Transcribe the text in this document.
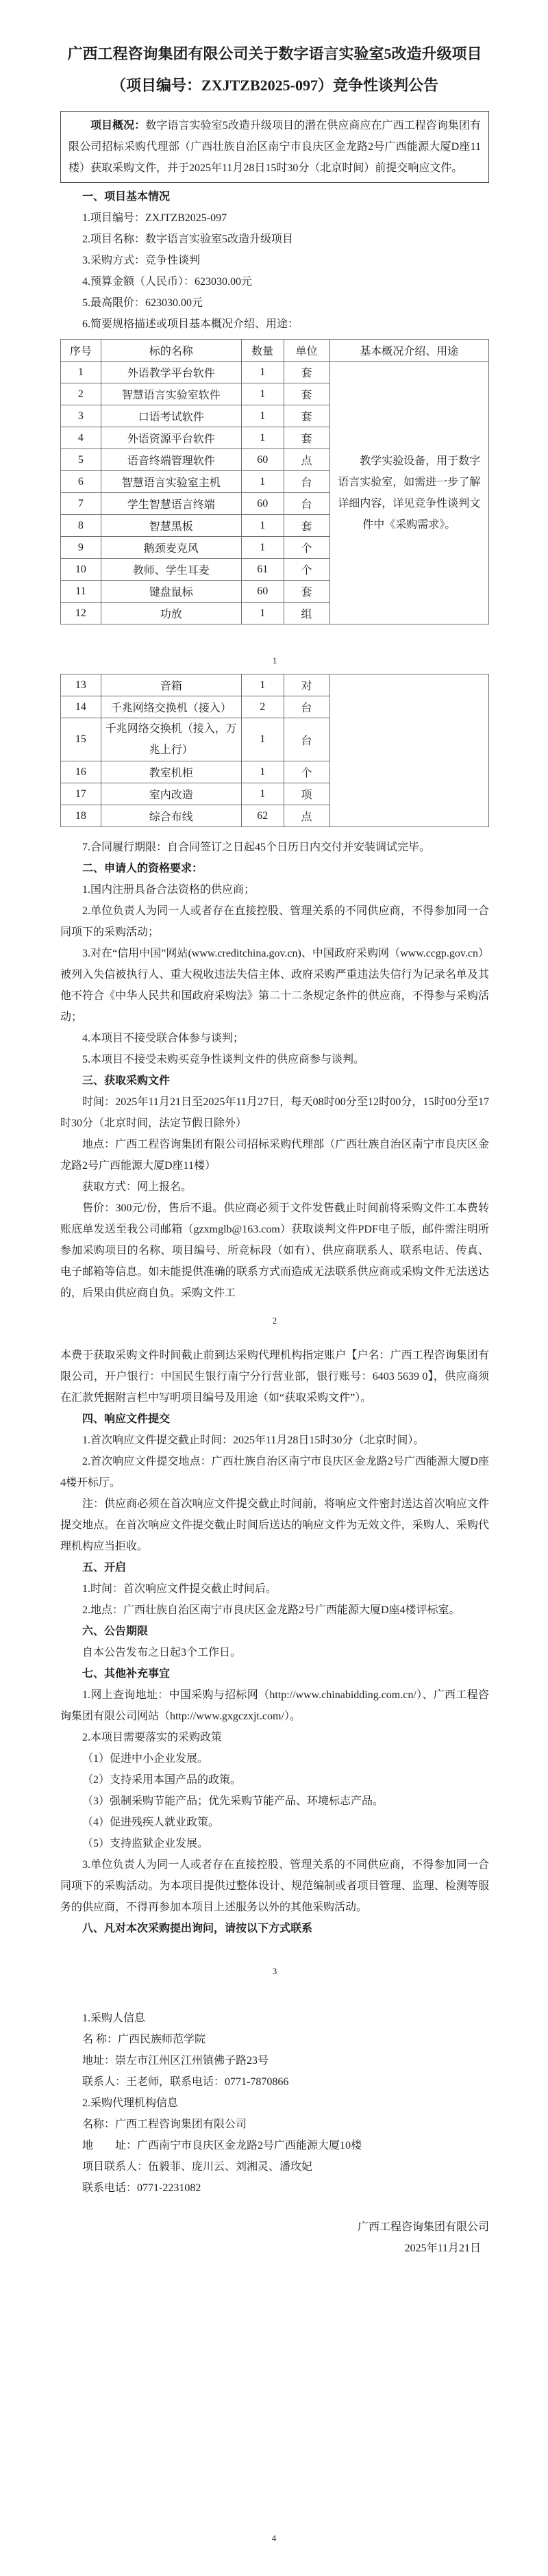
广西工程咨询集团有限公司关于数字语言实验室5改造升级项目
（项目编号：ZXJTZB2025-097）竞争性谈判公告

项目概况：数字语言实验室5改造升级项目的潜在供应商应在广西工程咨询集团有限公司招标采购代理部（广西壮族自治区南宁市良庆区金龙路2号广西能源大厦D座11楼）获取采购文件，并于2025年11月28日15时30分（北京时间）前提交响应文件。

一、项目基本情况

1.项目编号：ZXJTZB2025-097

2.项目名称：数字语言实验室5改造升级项目

3.采购方式：竞争性谈判

4.预算金额（人民币）：623030.00元

5.最高限价：623030.00元

6.简要规格描述或项目基本概况介绍、用途：

序号	标的名称	数量	单位	基本概况介绍、用途
1	外语教学平台软件	1	套	教学实验设备，用于数字语言实验室，如需进一步了解详细内容，详见竞争性谈判文件中《采购需求》。
2	智慧语言实验室软件	1	套	
3	口语考试软件	1	套	
4	外语资源平台软件	1	套	
5	语音终端管理软件	60	点	
6	智慧语言实验室主机	1	台	
7	学生智慧语言终端	60	台	
8	智慧黑板	1	套	
9	鹅颈麦克风	1	个	
10	教师、学生耳麦	61	个	
11	键盘鼠标	60	套	
12	功放	1	组	

1

13	音箱	1	对	
14	千兆网络交换机（接入）	2	台	
15	千兆网络交换机（接入，万兆上行）	1	台	
16	教室机柜	1	个	
17	室内改造	1	项	
18	综合布线	62	点	

7.合同履行期限：自合同签订之日起45个日历日内交付并安装调试完毕。

二、申请人的资格要求：

1.国内注册具备合法资格的供应商；

2.单位负责人为同一人或者存在直接控股、管理关系的不同供应商，不得参加同一合同项下的采购活动；

3.对在“信用中国”网站(www.creditchina.gov.cn)、中国政府采购网（www.ccgp.gov.cn）被列入失信被执行人、重大税收违法失信主体、政府采购严重违法失信行为记录名单及其他不符合《中华人民共和国政府采购法》第二十二条规定条件的供应商，不得参与采购活动；

4.本项目不接受联合体参与谈判；

5.本项目不接受未购买竞争性谈判文件的供应商参与谈判。

三、获取采购文件

时间：2025年11月21日至2025年11月27日，每天08时00分至12时00分，15时00分至17时30分（北京时间，法定节假日除外）

地点：广西工程咨询集团有限公司招标采购代理部（广西壮族自治区南宁市良庆区金龙路2号广西能源大厦D座11楼）

获取方式：网上报名。

售价：300元/份，售后不退。供应商必须于文件发售截止时间前将采购文件工本费转账底单发送至我公司邮箱（gzxmglb@163.com）获取谈判文件PDF电子版，邮件需注明所参加采购项目的名称、项目编号、所竞标段（如有）、供应商联系人、联系电话、传真、电子邮箱等信息。如未能提供准确的联系方式而造成无法联系供应商或采购文件无法送达的，后果由供应商自负。采购文件工

2

本费于获取采购文件时间截止前到达采购代理机构指定账户【户名：广西工程咨询集团有限公司，开户银行：中国民生银行南宁分行营业部，银行账号：6403 5639 0】，供应商须在汇款凭据附言栏中写明项目编号及用途（如“获取采购文件”）。

四、响应文件提交

1.首次响应文件提交截止时间：2025年11月28日15时30分（北京时间）。

2.首次响应文件提交地点：广西壮族自治区南宁市良庆区金龙路2号广西能源大厦D座4楼开标厅。

注：供应商必须在首次响应文件提交截止时间前，将响应文件密封送达首次响应文件提交地点。在首次响应文件提交截止时间后送达的响应文件为无效文件，采购人、采购代理机构应当拒收。

五、开启

1.时间：首次响应文件提交截止时间后。

2.地点：广西壮族自治区南宁市良庆区金龙路2号广西能源大厦D座4楼评标室。

六、公告期限

自本公告发布之日起3个工作日。

七、其他补充事宜

1.网上查询地址：中国采购与招标网（http://www.chinabidding.com.cn/）、广西工程咨询集团有限公司网站（http://www.gxgczxjt.com/）。

2.本项目需要落实的采购政策

（1）促进中小企业发展。

（2）支持采用本国产品的政策。

（3）强制采购节能产品；优先采购节能产品、环境标志产品。

（4）促进残疾人就业政策。

（5）支持监狱企业发展。

3.单位负责人为同一人或者存在直接控股、管理关系的不同供应商，不得参加同一合同项下的采购活动。为本项目提供过整体设计、规范编制或者项目管理、监理、检测等服务的供应商，不得再参加本项目上述服务以外的其他采购活动。

八、凡对本次采购提出询问，请按以下方式联系

3

1.采购人信息

名 称：广西民族师范学院

地址：崇左市江州区江州镇佛子路23号

联系人：王老师，联系电话：0771-7870866

2.采购代理机构信息

名称：广西工程咨询集团有限公司

地　　址：广西南宁市良庆区金龙路2号广西能源大厦10楼

项目联系人：伍毅菲、庞川云、刘湘灵、潘玫妃

联系电话：0771-2231082

广西工程咨询集团有限公司

2025年11月21日

4
